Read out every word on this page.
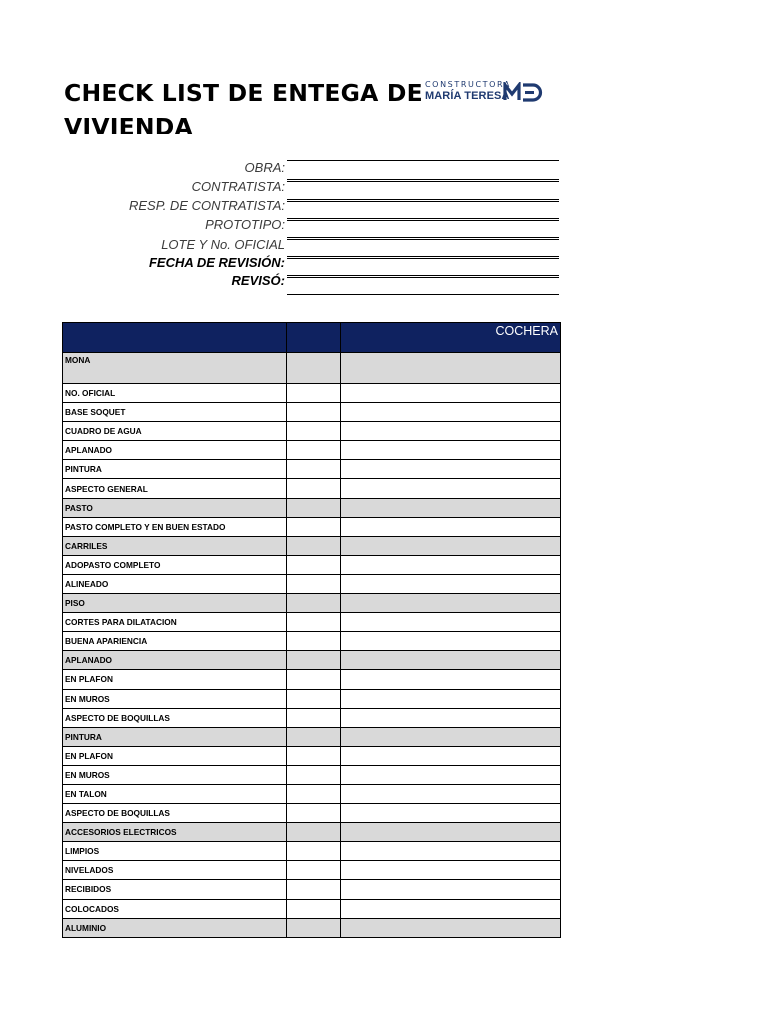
CHECK LIST DE ENTEGA DE VIVIENDA
CONSTRUCTORA
MARÍA TERESA
OBRA:
CONTRATISTA:
RESP. DE CONTRATISTA:
PROTOTIPO:
LOTE Y No. OFICIAL
FECHA DE REVISIÓN:
REVISÓ:
		COCHERA
MONA		
NO. OFICIAL		
BASE SOQUET		
CUADRO DE AGUA		
APLANADO		
PINTURA		
ASPECTO GENERAL		
PASTO		
PASTO COMPLETO Y EN BUEN ESTADO		
CARRILES		
ADOPASTO COMPLETO		
ALINEADO		
PISO		
CORTES PARA DILATACION		
BUENA APARIENCIA		
APLANADO		
EN PLAFON		
EN MUROS		
ASPECTO DE BOQUILLAS		
PINTURA		
EN PLAFON		
EN MUROS		
EN TALON		
ASPECTO DE BOQUILLAS		
ACCESORIOS ELECTRICOS		
LIMPIOS		
NIVELADOS		
RECIBIDOS		
COLOCADOS		
ALUMINIO		
